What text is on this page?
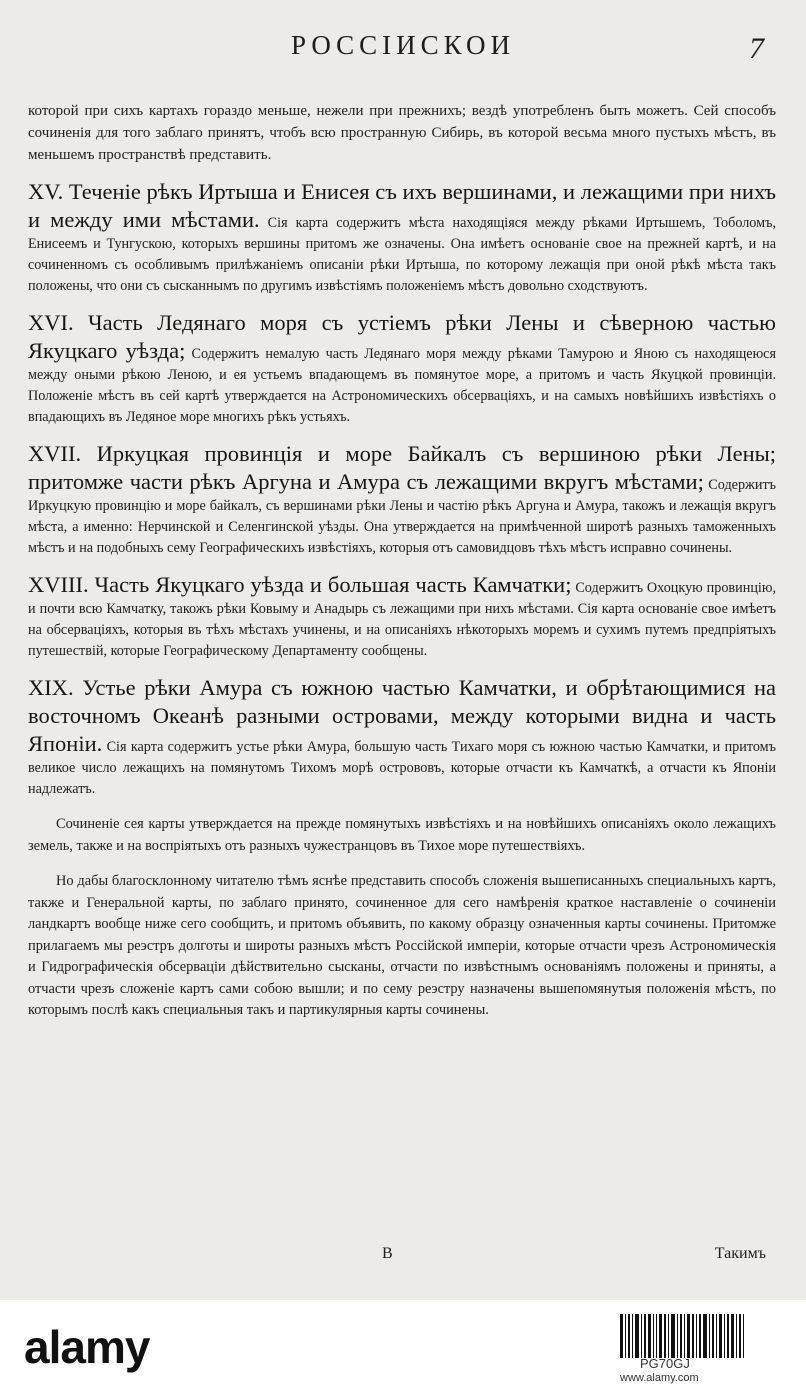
РОССIИСКОИ	7

которой при сихъ картахъ гораздо меньше, нежели при прежнихъ; вездѣ употребленъ быть можетъ. Сей способъ сочиненія для того заблаго принятъ, чтобъ всю пространную Сибирь, въ которой весьма много пустыхъ мѣстъ, въ меньшемъ пространствѣ представить.

XV. Теченіе рѣкъ Иртыша и Енисея съ ихъ вершинами, и лежащими при нихъ и между ими мѣстами. Сія карта содержитъ мѣста находящіяся между рѣками Иртышемъ, Тоболомъ, Енисеемъ и Тунгускою, которыхъ вершины притомъ же означены. Она имѣетъ основаніе свое на прежней картѣ, и на сочиненномъ съ особливымъ прилѣжаніемъ описаніи рѣки Иртыша, по которому лежащія при оной рѣкѣ мѣста такъ положены, что они съ сысканнымъ по другимъ извѣстіямъ положеніемъ мѣстъ довольно сходствуютъ.

XVI. Часть Ледянаго моря съ устіемъ рѣки Лены и сѣверною частью Якуцкаго уѣзда; Содержитъ немалую часть Ледянаго моря между рѣками Тамурою и Яною съ находящеюся между оными рѣкою Леною, и ея устьемъ впадающемъ въ помянутое море, а притомъ и часть Якуцкой провинціи. Положеніе мѣстъ въ сей картѣ утверждается на Астрономическихъ обсерваціяхъ, и на самыхъ новѣйшихъ извѣстіяхъ о впадающихъ въ Ледяное море многихъ рѣкъ устьяхъ.

XVII. Иркуцкая провинція и море Байкалъ съ вершиною рѣки Лены; притомже части рѣкъ Аргуна и Амура съ лежащими вкругъ мѣстами; Содержитъ Иркуцкую провинцію и море байкалъ, съ вершинами рѣки Лены и частію рѣкъ Аргуна и Амура, такожъ и лежащія вкругъ мѣста, а именно: Нерчинской и Селенгинской уѣзды. Она утверждается на примѣченной широтѣ разныхъ таможенныхъ мѣстъ и на подобныхъ сему Географическихъ извѣстіяхъ, которыя отъ самовидцовъ тѣхъ мѣстъ исправно сочинены.

XVIII. Часть Якуцкаго уѣзда и большая часть Камчатки; Содержитъ Охоцкую провинцію, и почти всю Камчатку, такожъ рѣки Ковыму и Анадырь съ лежащими при нихъ мѣстами. Сія карта основаніе свое имѣетъ на обсерваціяхъ, которыя въ тѣхъ мѣстахъ учинены, и на описаніяхъ нѣкоторыхъ моремъ и сухимъ путемъ предпріятыхъ путешествій, которые Географическому Департаменту сообщены.

XIX. Устье рѣки Амура съ южною частью Камчатки, и обрѣтающимися на восточномъ Океанѣ разными островами, между которыми видна и часть Японіи. Сія карта содержитъ устье рѣки Амура, большую часть Тихаго моря съ южною частью Камчатки, и притомъ великое число лежащихъ на помянутомъ Тихомъ морѣ острововъ, которые отчасти къ Камчаткѣ, а отчасти къ Японіи надлежатъ.

Сочиненіе сея карты утверждается на прежде помянутыхъ извѣстіяхъ и на новѣйшихъ описаніяхъ около лежащихъ земель, также и на воспріятыхъ отъ разныхъ чужестранцовъ въ Тихое море путешествіяхъ.

Но дабы благосклонному читателю тѣмъ яснѣе представить способъ сложенія вышеписанныхъ специальныхъ картъ, также и Генеральной карты, по заблаго принято, сочиненное для сего намѣренія краткое наставленіе о сочиненіи ландкартъ вообще ниже сего сообщить, и притомъ объявить, по какому образцу означенныя карты сочинены. Притомже прилагаемъ мы реэстръ долготы и широты разныхъ мѣстъ Россійской имперіи, которые отчасти чрезъ Астрономическія и Гидрографическія обсерваціи дѣйствительно сысканы, отчасти по извѣстнымъ основаніямъ положены и приняты, а отчасти чрезъ сложеніе картъ сами собою вышли; и по сему реэстру назначены вышепомянутыя положенія мѣстъ, по которымъ послѣ какъ специальныя такъ и партикулярныя карты сочинены.

B	Такимъ
alamy	PG70GJ
www.alamy.com
